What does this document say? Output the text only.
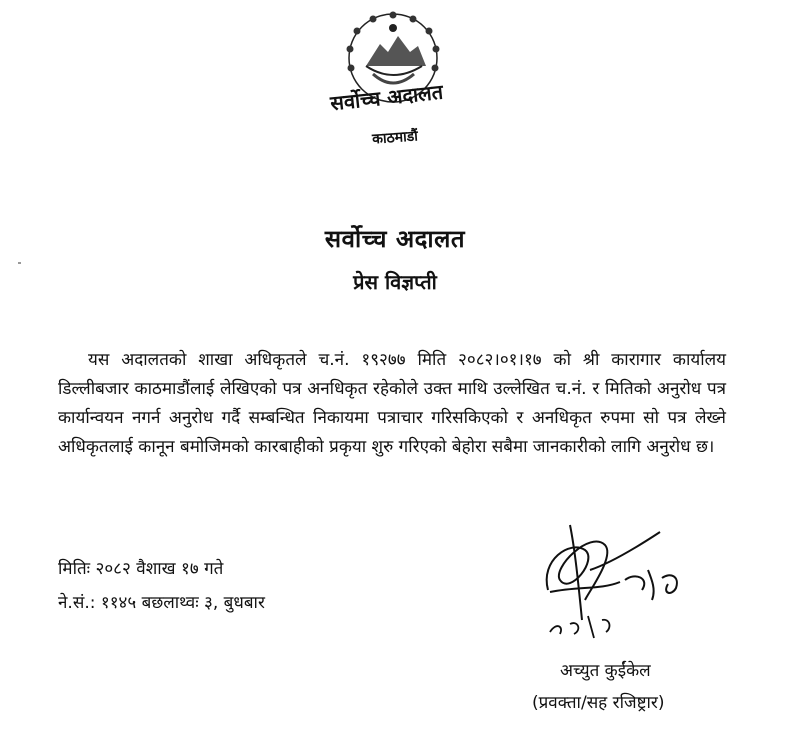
सर्वोच्च अदालत
काठमाडौं
सर्वोच्च अदालत
प्रेस विज्ञप्ती
यस अदालतको शाखा अधिकृतले च.नं. १९२७७ मिति २०८२।०१।१७ को श्री कारागार कार्यालय डिल्लीबजार काठमाडौंलाई लेखिएको पत्र अनधिकृत रहेकोले उक्त माथि उल्लेखित च.नं. र मितिको अनुरोध पत्र कार्यान्वयन नगर्न अनुरोध गर्दै सम्बन्धित निकायमा पत्राचार गरिसकिएको र अनधिकृत रुपमा सो पत्र लेख्ने अधिकृतलाई कानून बमोजिमको कारबाहीको प्रकृया शुरु गरिएको बेहोरा सबैमा जानकारीको लागि अनुरोध छ।
मितिः २०८२ वैशाख १७ गते
ने.सं.: ११४५ बछलाथ्वः ३, बुधबार
अच्युत कुईंकेल
(प्रवक्ता/सह रजिष्ट्रार)
